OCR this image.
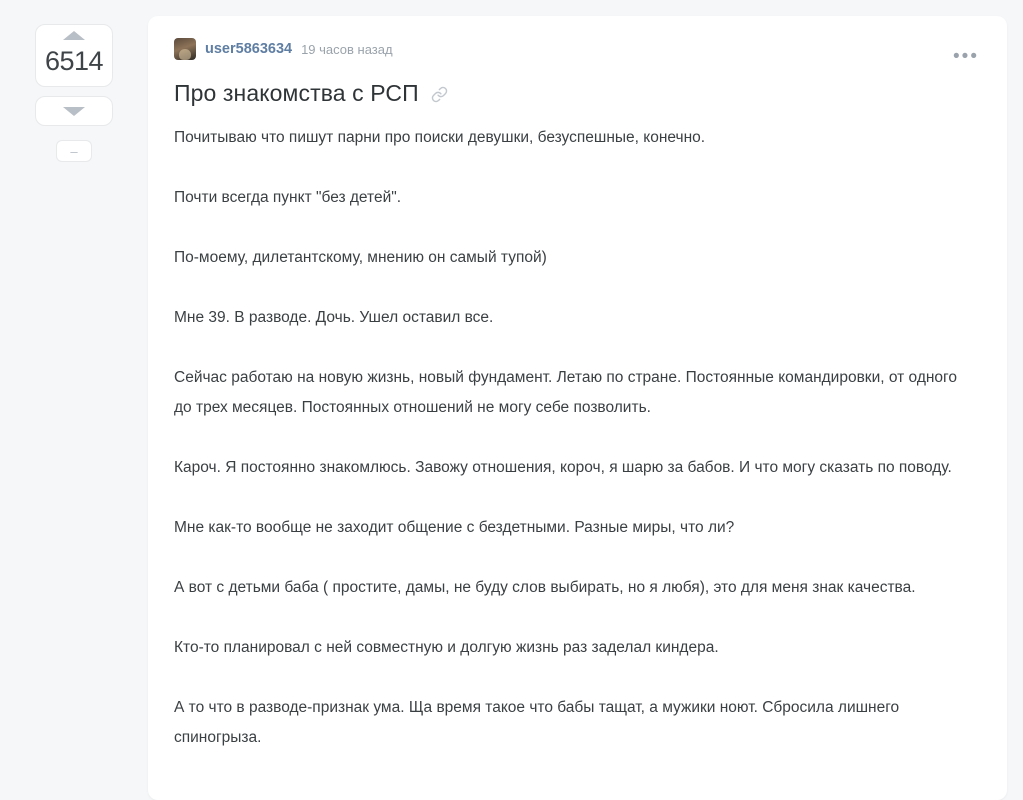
6514
–
user5863634 19 часов назад	•••
Про знакомства с РСП

Почитываю что пишут парни про поиски девушки, безуспешные, конечно.

Почти всегда пункт "без детей".

По-моему, дилетантскому, мнению он самый тупой)

Мне 39. В разводе. Дочь. Ушел оставил все.

Сейчас работаю на новую жизнь, новый фундамент. Летаю по стране. Постоянные командировки, от одного до трех месяцев. Постоянных отношений не могу себе позволить.

Кароч. Я постоянно знакомлюсь. Завожу отношения, короч, я шарю за бабов. И что могу сказать по поводу.

Мне как-то вообще не заходит общение с бездетными. Разные миры, что ли?

А вот с детьми баба ( простите, дамы, не буду слов выбирать, но я любя), это для меня знак качества.

Кто-то планировал с ней совместную и долгую жизнь раз заделал киндера.

А то что в разводе-признак ума. Ща время такое что бабы тащат, а мужики ноют. Сбросила лишнего спиногрыза.
